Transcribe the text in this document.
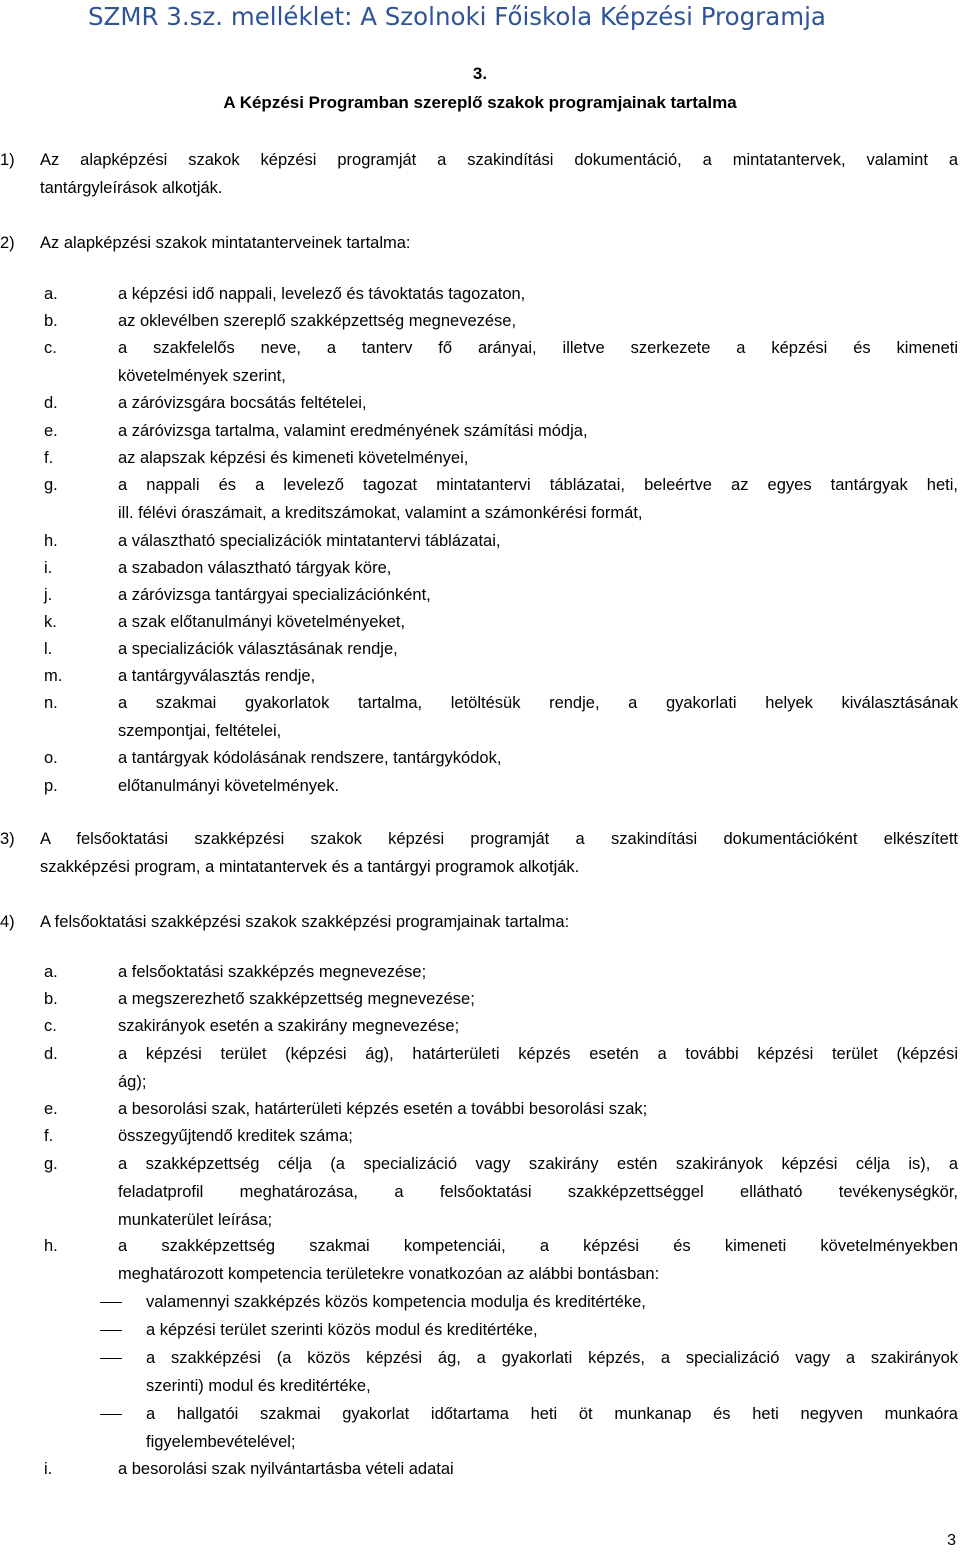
SZMR 3.sz. melléklet: A Szolnoki Főiskola Képzési Programja
3.
A Képzési Programban szereplő szakok programjainak tartalma
1)	Az alapképzési szakok képzési programját a szakindítási dokumentáció, a mintatantervek, valamint a
tantárgyleírások alkotják.
2)	Az alapképzési szakok mintatanterveinek tartalma:
a.	a képzési idő nappali, levelező és távoktatás tagozaton,
b.	az oklevélben szereplő szakképzettség megnevezése,
c.	a szakfelelős neve, a tanterv fő arányai, illetve szerkezete a képzési és kimeneti
követelmények szerint,
d.	a záróvizsgára bocsátás feltételei,
e.	a záróvizsga tartalma, valamint eredményének számítási módja,
f.	az alapszak képzési és kimeneti követelményei,
g.	a nappali és a levelező tagozat mintatantervi táblázatai, beleértve az egyes tantárgyak heti,
ill. félévi óraszámait, a kreditszámokat, valamint a számonkérési formát,
h.	a választható specializációk mintatantervi táblázatai,
i.	a szabadon választható tárgyak köre,
j.	a záróvizsga tantárgyai specializációnként,
k.	a szak előtanulmányi követelményeket,
l.	a specializációk választásának rendje,
m.	a tantárgyválasztás rendje,
n.	a szakmai gyakorlatok tartalma, letöltésük rendje, a gyakorlati helyek kiválasztásának
szempontjai, feltételei,
o.	a tantárgyak kódolásának rendszere, tantárgykódok,
p.	előtanulmányi követelmények.
3)	A felsőoktatási szakképzési szakok képzési programját a szakindítási dokumentációként elkészített
szakképzési program, a mintatantervek és a tantárgyi programok alkotják.
4)	A felsőoktatási szakképzési szakok szakképzési programjainak tartalma:
a.	a felsőoktatási szakképzés megnevezése;
b.	a megszerezhető szakképzettség megnevezése;
c.	szakirányok esetén a szakirány megnevezése;
d.	a képzési terület (képzési ág), határterületi képzés esetén a további képzési terület (képzési
ág);
e.	a besorolási szak, határterületi képzés esetén a további besorolási szak;
f.	összegyűjtendő kreditek száma;
g.	a szakképzettség célja (a specializáció vagy szakirány estén szakirányok képzési célja is), a
feladatprofil meghatározása, a felsőoktatási szakképzettséggel ellátható tevékenységkör,
munkaterület leírása;
h.	a szakképzettség szakmai kompetenciái, a képzési és kimeneti követelményekben
meghatározott kompetencia területekre vonatkozóan az alábbi bontásban:
valamennyi szakképzés közös kompetencia modulja és kreditértéke,
a képzési terület szerinti közös modul és kreditértéke,
a szakképzési (a közös képzési ág, a gyakorlati képzés, a specializáció vagy a szakirányok
szerinti) modul és kreditértéke,
a hallgatói szakmai gyakorlat időtartama heti öt munkanap és heti negyven munkaóra
figyelembevételével;
i.	a besorolási szak nyilvántartásba vételi adatai
3
